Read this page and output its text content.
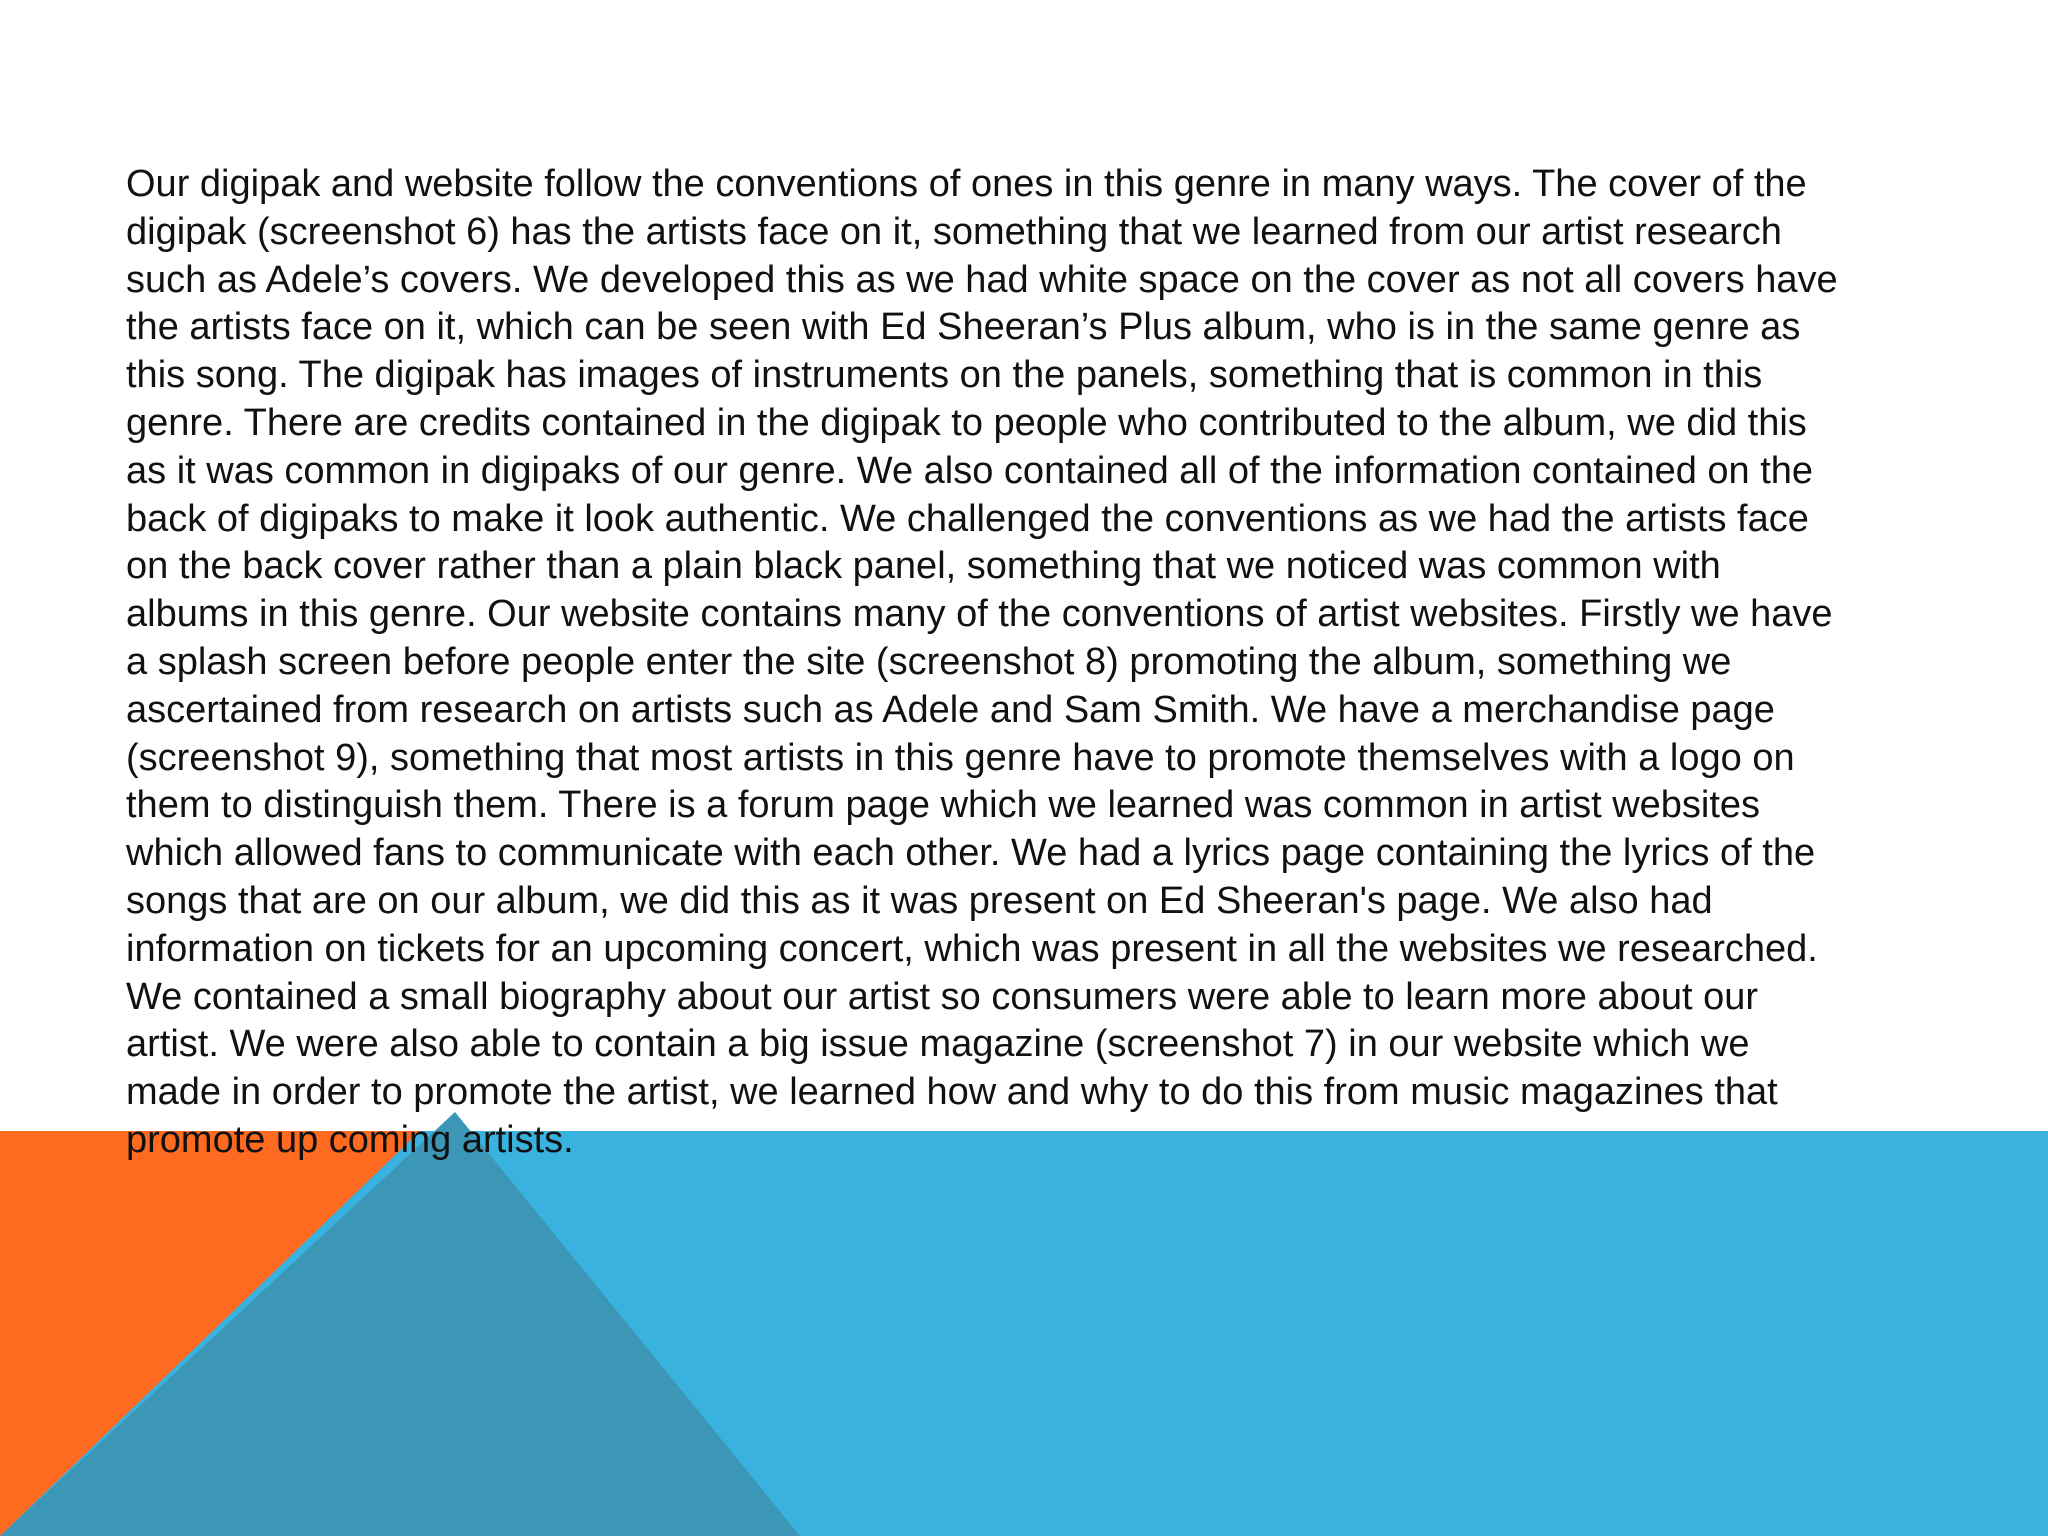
Our digipak and website follow the conventions of ones in this genre in many ways. The cover of the
digipak (screenshot 6) has the artists face on it, something that we learned from our artist research
such as Adele’s covers. We developed this as we had white space on the cover as not all covers have
the artists face on it, which can be seen with Ed Sheeran’s Plus album, who is in the same genre as
this song. The digipak has images of instruments on the panels, something that is common in this
genre. There are credits contained in the digipak to people who contributed to the album, we did this
as it was common in digipaks of our genre. We also contained all of the information contained on the
back of digipaks to make it look authentic. We challenged the conventions as we had the artists face
on the back cover rather than a plain black panel, something that we noticed was common with
albums in this genre. Our website contains many of the conventions of artist websites. Firstly we have
a splash screen before people enter the site (screenshot 8) promoting the album, something we
ascertained from research on artists such as Adele and Sam Smith. We have a merchandise page
(screenshot 9), something that most artists in this genre have to promote themselves with a logo on
them to distinguish them. There is a forum page which we learned was common in artist websites
which allowed fans to communicate with each other. We had a lyrics page containing the lyrics of the
songs that are on our album, we did this as it was present on Ed Sheeran's page. We also had
information on tickets for an upcoming concert, which was present in all the websites we researched.
We contained a small biography about our artist so consumers were able to learn more about our
artist. We were also able to contain a big issue magazine (screenshot 7) in our website which we
made in order to promote the artist, we learned how and why to do this from music magazines that
promote up coming artists.
